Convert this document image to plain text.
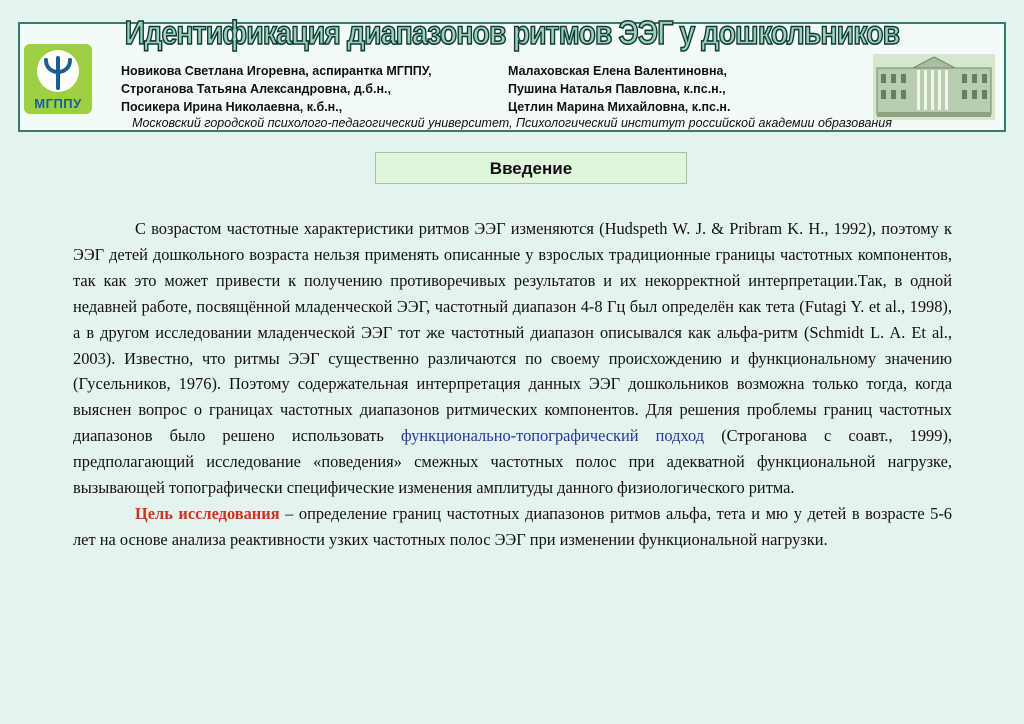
Идентификация диапазонов ритмов ЭЭГ у дошкольников
МГППУ
Новикова Светлана Игоревна, аспирантка МГППУ,
Строганова Татьяна Александровна, д.б.н.,
Посикера Ирина Николаевна, к.б.н.,
Малаховская Елена Валентиновна,
Пушина Наталья Павловна, к.пс.н.,
Цетлин Марина Михайловна, к.пс.н.
Московский городской психолого-педагогический университет, Психологический институт российской академии образования
Введение

С возрастом частотные характеристики ритмов ЭЭГ изменяются (Hudspeth W. J. & Pribram K. H., 1992), поэтому к ЭЭГ детей дошкольного возраста нельзя применять описанные у взрослых традиционные границы частотных компонентов, так как это может привести к получению противоречивых результатов и их некорректной интерпретации.Так, в одной недавней работе, посвящённой младенческой ЭЭГ, частотный диапазон 4-8 Гц был определён как тета (Futagi Y. et al., 1998), а в другом исследовании младенческой ЭЭГ тот же частотный диапазон описывался как альфа-ритм (Schmidt L. A. Et al., 2003). Известно, что ритмы ЭЭГ существенно различаются по своему происхождению и функциональному значению (Гусельников, 1976). Поэтому содержательная интерпретация данных ЭЭГ дошкольников возможна только тогда, когда выяснен вопрос о границах частотных диапазонов ритмических компонентов. Для решения проблемы границ частотных диапазонов было решено использовать функционально-топографический подход (Строганова с соавт., 1999), предполагающий исследование «поведения» смежных частотных полос при адекватной функциональной нагрузке, вызывающей топографически специфические изменения амплитуды данного физиологического ритма.

Цель исследования – определение границ частотных диапазонов ритмов альфа, тета и мю у детей в возрасте 5-6 лет на основе анализа реактивности узких частотных полос ЭЭГ при изменении функциональной нагрузки.
